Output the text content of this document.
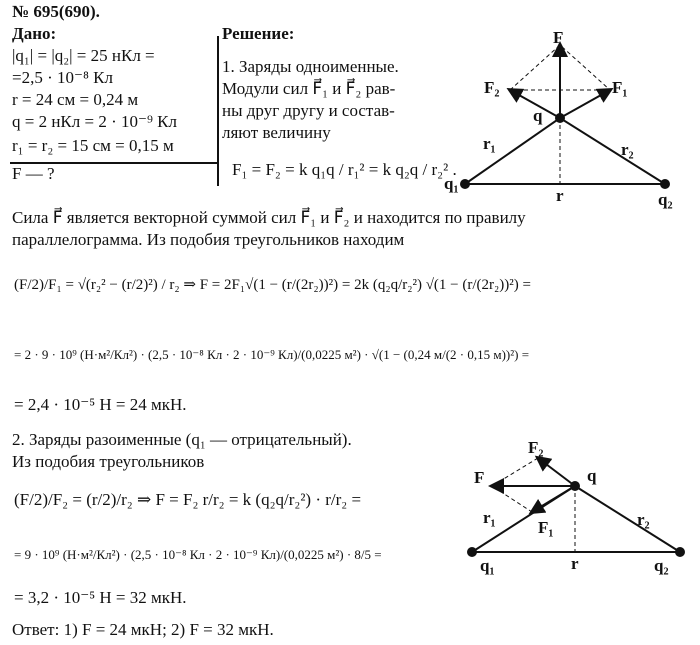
№ 695(690).
Дано:
|q₁| = |q₂| = 25 нКл =
=2,5 · 10⁻⁸ Кл
r = 24 см = 0,24 м
q = 2 нКл = 2 · 10⁻⁹ Кл
r₁ = r₂ = 15 см = 0,15 м
F — ?
Решение:
1. Заряды одноименные.
Модули сил F⃗₁ и F⃗₂ рав-
ны друг другу и состав-
ляют величину
F₁ = F₂ = k q₁q / r₁² = k q₂q / r₂² .
F
F₁
F₂
q
r₁	r₂
r
q₁
q₂
Сила F⃗ является векторной суммой сил F⃗₁ и F⃗₂ и находится по правилу
параллелограмма. Из подобия треугольников находим
(F/2)/F₁ = √(r₂² − (r/2)²) / r₂ ⇒ F = 2F₁√(1 − (r/(2r₂))²) = 2k (q₂q/r₂²) √(1 − (r/(2r₂))²) =
= 2 · 9 · 10⁹ (Н·м²/Кл²) · (2,5 · 10⁻⁸ Кл · 2 · 10⁻⁹ Кл)/(0,0225 м²) · √(1 − (0,24 м/(2 · 0,15 м))²) =
= 2,4 · 10⁻⁵ Н = 24 мкН.
2. Заряды разоименные (q₁ — отрицательный).
Из подобия треугольников
(F/2)/F₂ = (r/2)/r₂ ⇒ F = F₂ r/r₂ = k (q₂q/r₂²) · r/r₂ =
= 9 · 10⁹ (Н·м²/Кл²) · (2,5 · 10⁻⁸ Кл · 2 · 10⁻⁹ Кл)/(0,0225 м²) · 8/5 =
= 3,2 · 10⁻⁵ Н = 32 мкН.
Ответ: 1) F = 24 мкН; 2) F = 32 мкН.
F₂
F
F₁
q
r₁	r₂
r
q₁	q₂
